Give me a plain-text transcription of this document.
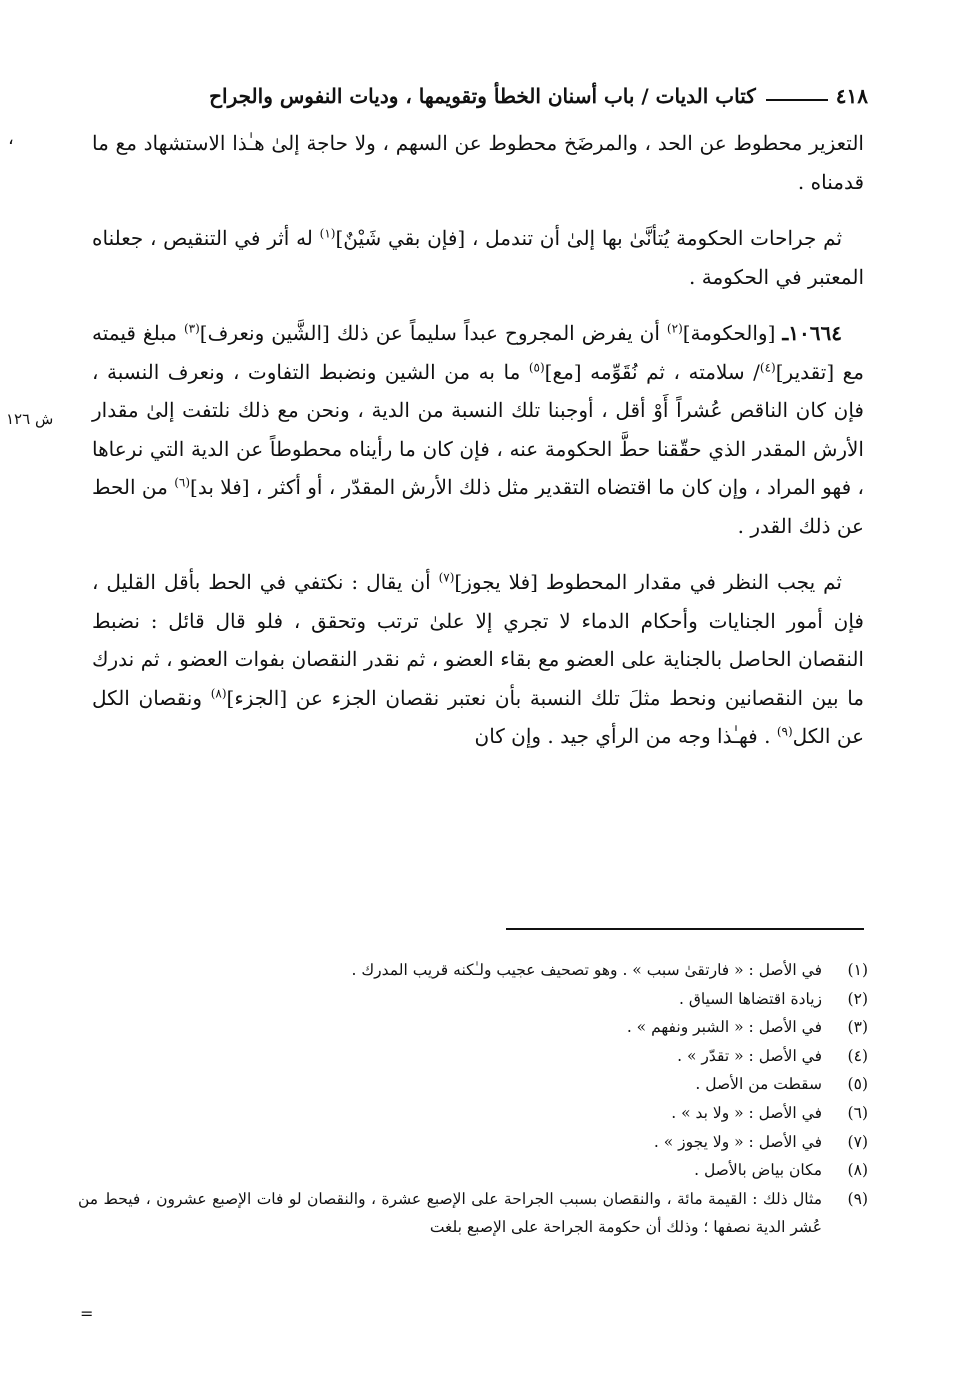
،
٤١٨
كتاب الديات / باب أسنان الخطأ وتقويمها ، وديات النفوس والجراح
ش ١٢٦

التعزير محطوط عن الحد ، والمرضَخ محطوط عن السهم ، ولا حاجة إلىٰ هـٰذا الاستشهاد مع ما قدمناه .

ثم جراحات الحكومة يُتأنَّىٰ بها إلىٰ أن تندمل ، [فإن بقي شَيْنٌ]$^{(١)}$ له أثر في التنقيص ، جعلناه المعتبر في الحكومة .

١٠٦٦٤ـ [والحكومة]$^{(٢)}$ أن يفرض المجروح عبداً سليماً عن ذلك [الشَّين ونعرف]$^{(٣)}$ مبلغ قيمته مع [تقدير]$^{(٤)}$/ سلامته ، ثم نُقَوِّمه [مع]$^{(٥)}$ ما به من الشين ونضبط التفاوت ، ونعرف النسبة ، فإن كان الناقص عُشراً أَوْ أقل ، أوجبنا تلك النسبة من الدية ، ونحن مع ذلك نلتفت إلىٰ مقدار الأرش المقدر الذي حقّقنا حطَّ الحكومة عنه ، فإن كان ما رأيناه محطوطاً عن الدية التي نرعاها ، فهو المراد ، وإن كان ما اقتضاه التقدير مثل ذلك الأرش المقدّر ، أو أكثر ، [فلا بد]$^{(٦)}$ من الحط عن ذلك القدر .

ثم يجب النظر في مقدار المحطوط [فلا يجوز]$^{(٧)}$ أن يقال : نكتفي في الحط بأقل القليل ، فإن أمور الجنايات وأحكام الدماء لا تجري إلا علىٰ ترتب وتحقق ، فلو قال قائل : نضبط النقصان الحاصل بالجناية على العضو مع بقاء العضو ، ثم نقدر النقصان بفوات العضو ، ثم ندرك ما بين النقصانين ونحط مثلَ تلك النسبة بأن نعتبر نقصان الجزء عن [الجزء]$^{(٨)}$ ونقصان الكل عن الكل$^{(٩)}$ . فهـٰذا وجه من الرأي جيد . وإن كان

(١)
في الأصل : « فارتقىٰ سبب » . وهو تصحيف عجيب ولـٰكنه قريب المدرك .
(٢)
زيادة اقتضاها السياق .
(٣)
في الأصل : « الشبر ونفهم » .
(٤)
في الأصل : « تقدّر » .
(٥)
سقطت من الأصل .
(٦)
في الأصل : « ولا بد » .
(٧)
في الأصل : « ولا يجوز » .
(٨)
مكان بياض بالأصل .
(٩)
مثال ذلك : القيمة مائة ، والنقصان بسبب الجراحة على الإصبع عشرة ، والنقصان لو فات الإصبع عشرون ، فيحط من عُشر الدية نصفها ؛ وذلك أن حكومة الجراحة على الإصبع بلغت
=
